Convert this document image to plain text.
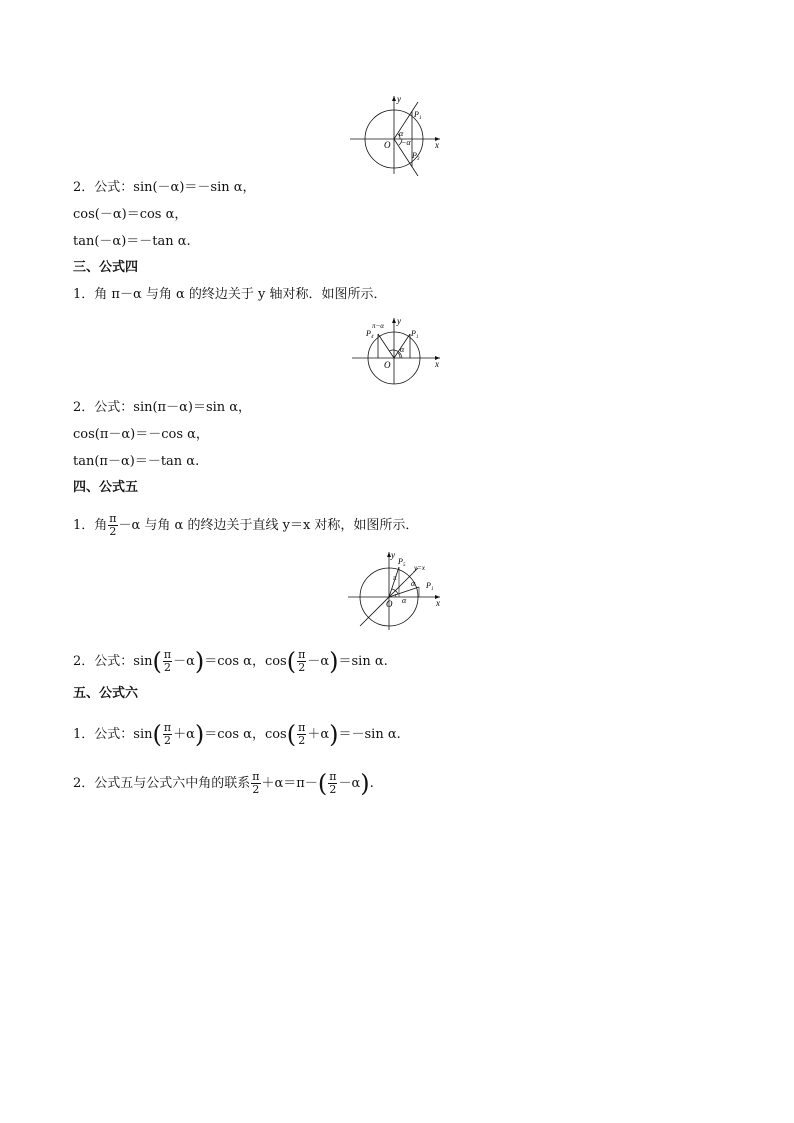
y
x
O
P 1
P 3
α
−α
2．公式：sin(－α)＝－sin α，
cos(－α)＝cos α，
tan(－α)＝－tan α.
三、公式四
1．角 π－α 与角 α 的终边关于 y 轴对称．如图所示．
y
x
O
P 1
P 4
π−α
α
2．公式：sin(π－α)＝sin α，
cos(π－α)＝－cos α，
tan(π－α)＝－tan α.
四、公式五
1．角 $\frac{\pi}{2} -\alpha$ 与角 α 的终边关于直线 y＝x 对称，如图所示．
y
x
O
y=x
P 1
P 5
π
α
α
2．公式：$\sin( \frac{\pi}{2} -\alpha)=\cos$ α，$\cos( \frac{\pi}{2} -\alpha)=\sin$ α.
五、公式六
1．公式：$\sin( \frac{\pi}{2} +\alpha)=\cos$ α，$\cos( \frac{\pi}{2} +\alpha)=-\sin$ α.
2．公式五与公式六中角的联系 $\frac{\pi}{2} +\alpha=\pi-( \frac{\pi}{2} -\alpha)$.
